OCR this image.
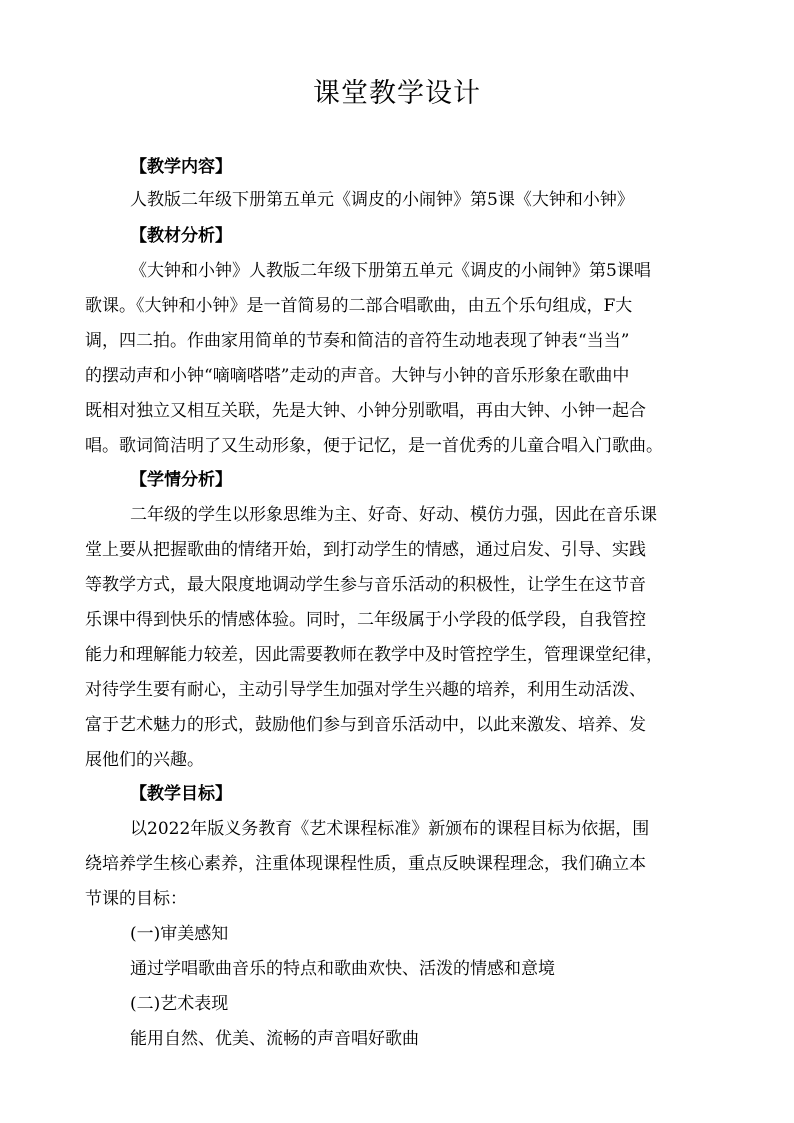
课堂教学设计
【教学内容】
人教版二年级下册第五单元《调皮的小闹钟》第5课《大钟和小钟》
【教材分析】
《大钟和小钟》人教版二年级下册第五单元《调皮的小闹钟》第5课唱
歌课。《大钟和小钟》是一首简易的二部合唱歌曲，由五个乐句组成，F大
调，四二拍。作曲家用简单的节奏和简洁的音符生动地表现了钟表“当当”
的摆动声和小钟“嘀嘀嗒嗒”走动的声音。大钟与小钟的音乐形象在歌曲中
既相对独立又相互关联，先是大钟、小钟分别歌唱，再由大钟、小钟一起合
唱。歌词简洁明了又生动形象，便于记忆，是一首优秀的儿童合唱入门歌曲。
【学情分析】
二年级的学生以形象思维为主、好奇、好动、模仿力强，因此在音乐课
堂上要从把握歌曲的情绪开始，到打动学生的情感，通过启发、引导、实践
等教学方式，最大限度地调动学生参与音乐活动的积极性，让学生在这节音
乐课中得到快乐的情感体验。同时，二年级属于小学段的低学段，自我管控
能力和理解能力较差，因此需要教师在教学中及时管控学生，管理课堂纪律，
对待学生要有耐心，主动引导学生加强对学生兴趣的培养，利用生动活泼、
富于艺术魅力的形式，鼓励他们参与到音乐活动中，以此来激发、培养、发
展他们的兴趣。
【教学目标】
以2022年版义务教育《艺术课程标准》新颁布的课程目标为依据，围
绕培养学生核心素养，注重体现课程性质，重点反映课程理念，我们确立本
节课的目标：
(一)审美感知
通过学唱歌曲音乐的特点和歌曲欢快、活泼的情感和意境
(二)艺术表现
能用自然、优美、流畅的声音唱好歌曲
